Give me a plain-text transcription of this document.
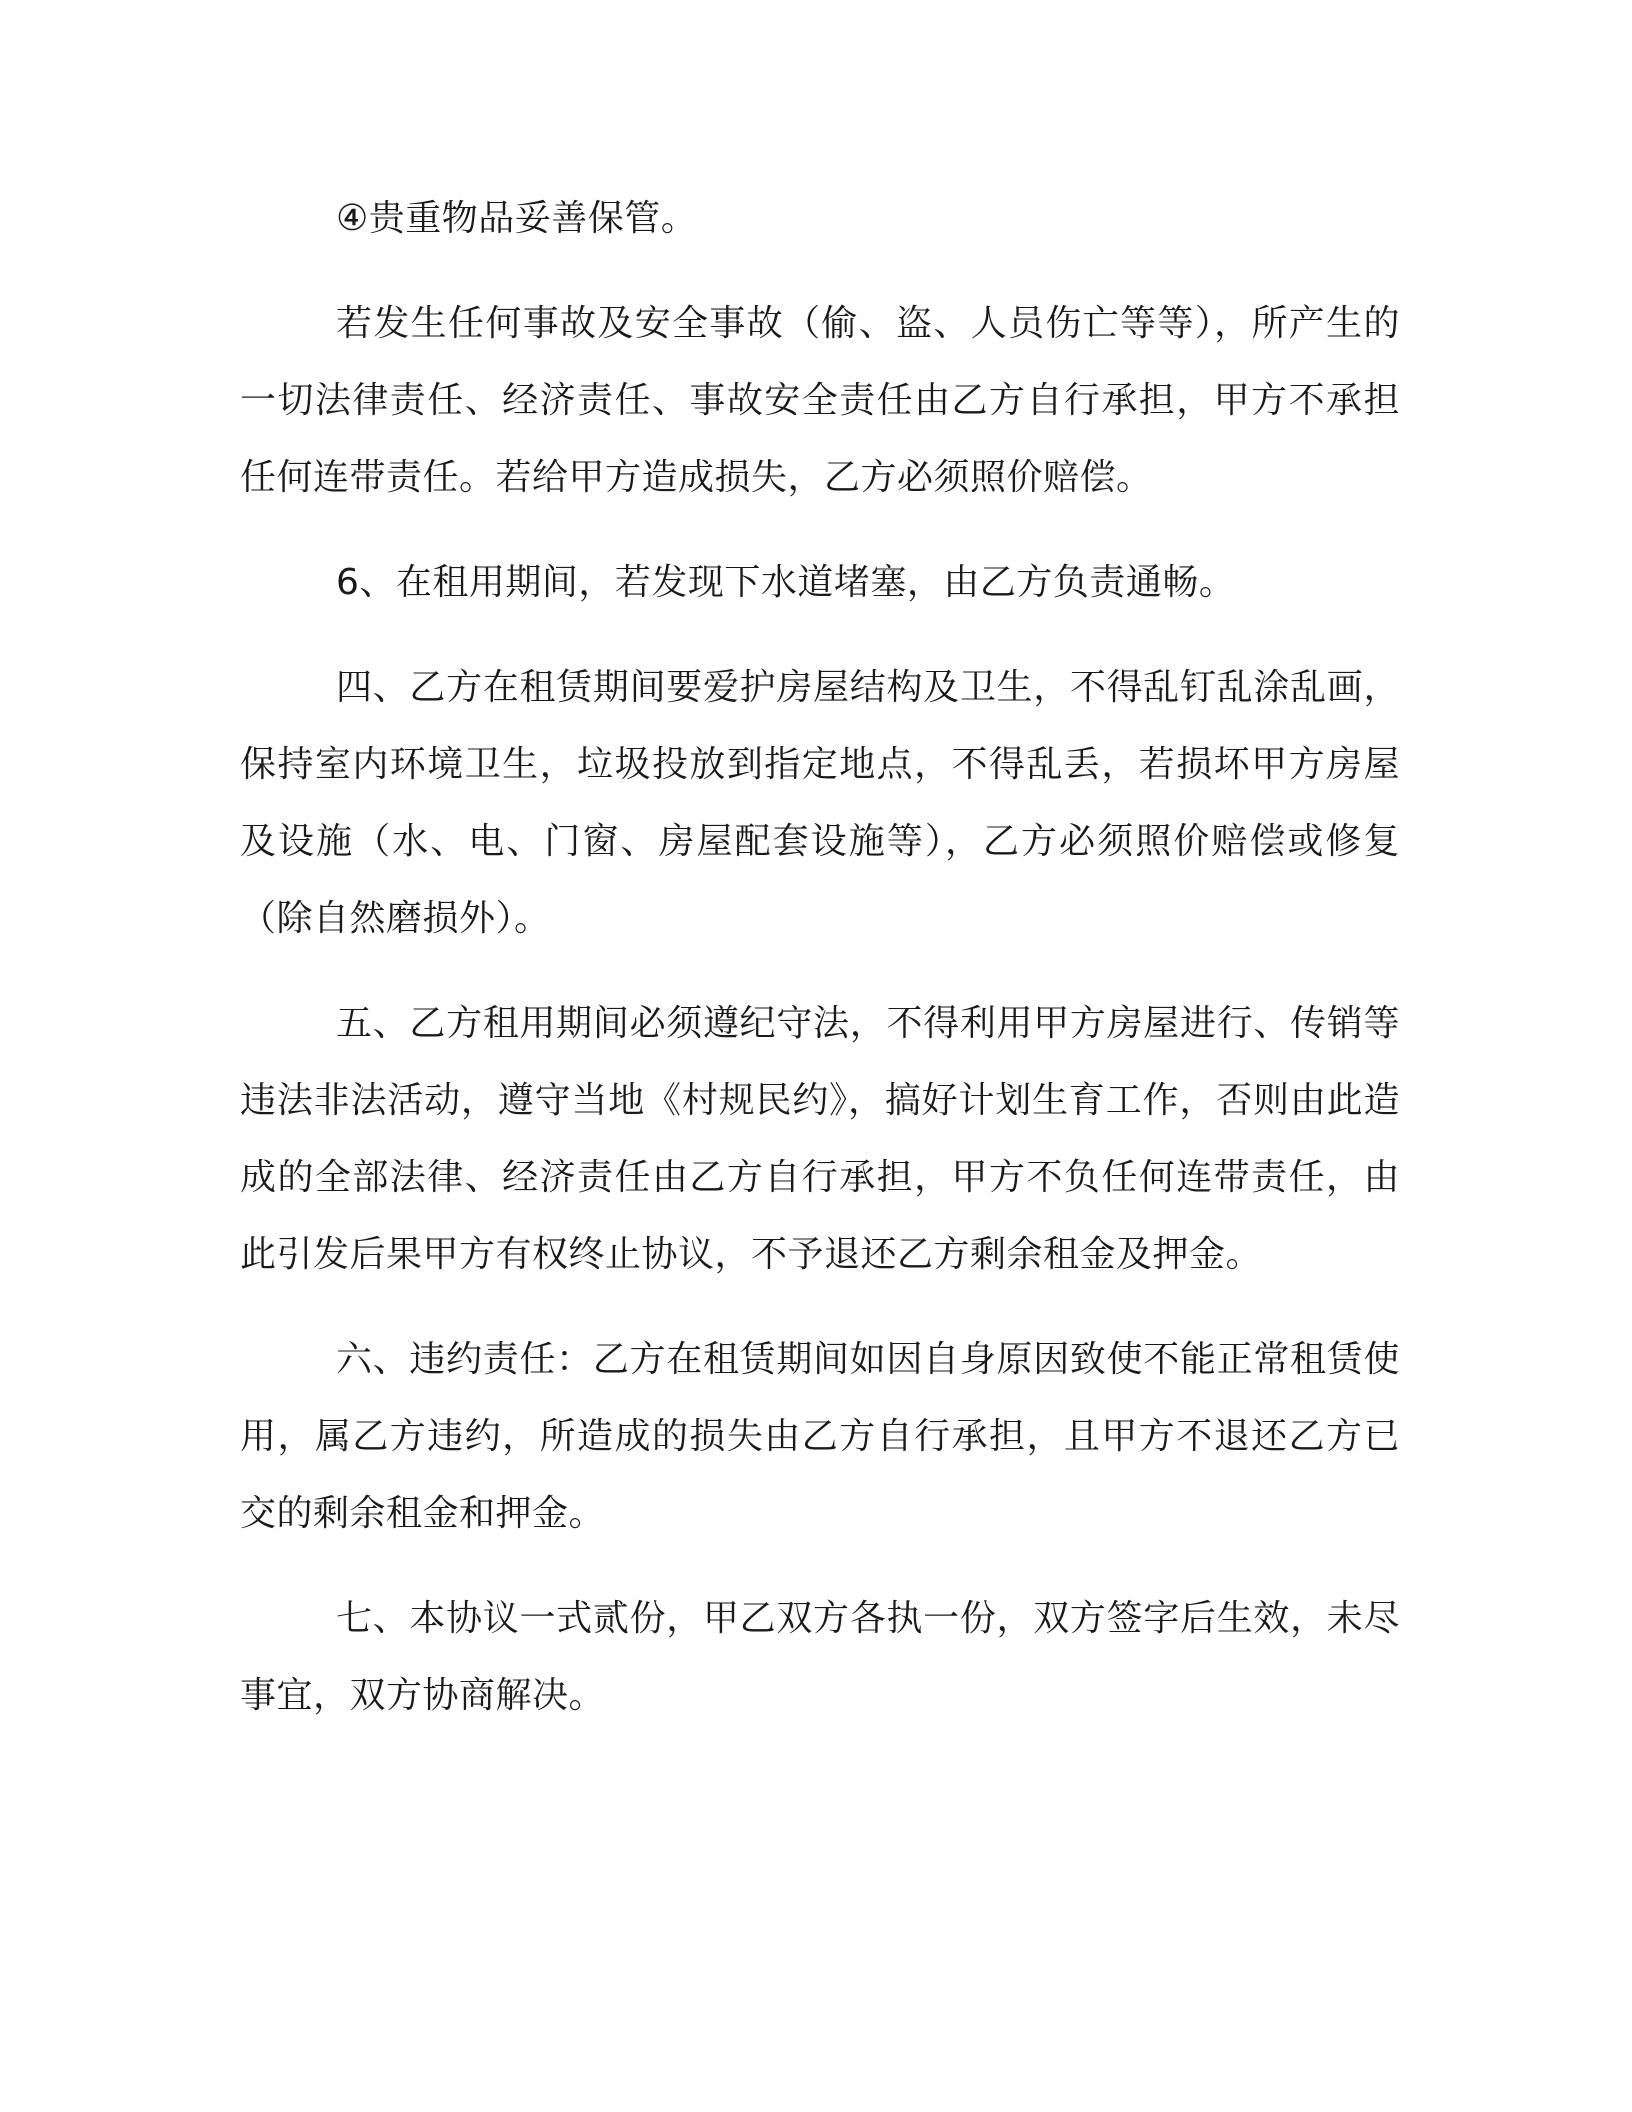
④贵重物品妥善保管。

若发生任何事故及安全事故（偷、盗、人员伤亡等等），所产生的一切法律责任、经济责任、事故安全责任由乙方自行承担，甲方不承担任何连带责任。若给甲方造成损失，乙方必须照价赔偿。

6、在租用期间，若发现下水道堵塞，由乙方负责通畅。

四、乙方在租赁期间要爱护房屋结构及卫生，不得乱钉乱涂乱画，保持室内环境卫生，垃圾投放到指定地点，不得乱丢，若损坏甲方房屋及设施（水、电、门窗、房屋配套设施等），乙方必须照价赔偿或修复（除自然磨损外）。

五、乙方租用期间必须遵纪守法，不得利用甲方房屋进行、传销等违法非法活动，遵守当地《村规民约》，搞好计划生育工作，否则由此造成的全部法律、经济责任由乙方自行承担，甲方不负任何连带责任，由此引发后果甲方有权终止协议，不予退还乙方剩余租金及押金。

六、违约责任：乙方在租赁期间如因自身原因致使不能正常租赁使用，属乙方违约，所造成的损失由乙方自行承担，且甲方不退还乙方已交的剩余租金和押金。

七、本协议一式贰份，甲乙双方各执一份，双方签字后生效，未尽事宜，双方协商解决。
